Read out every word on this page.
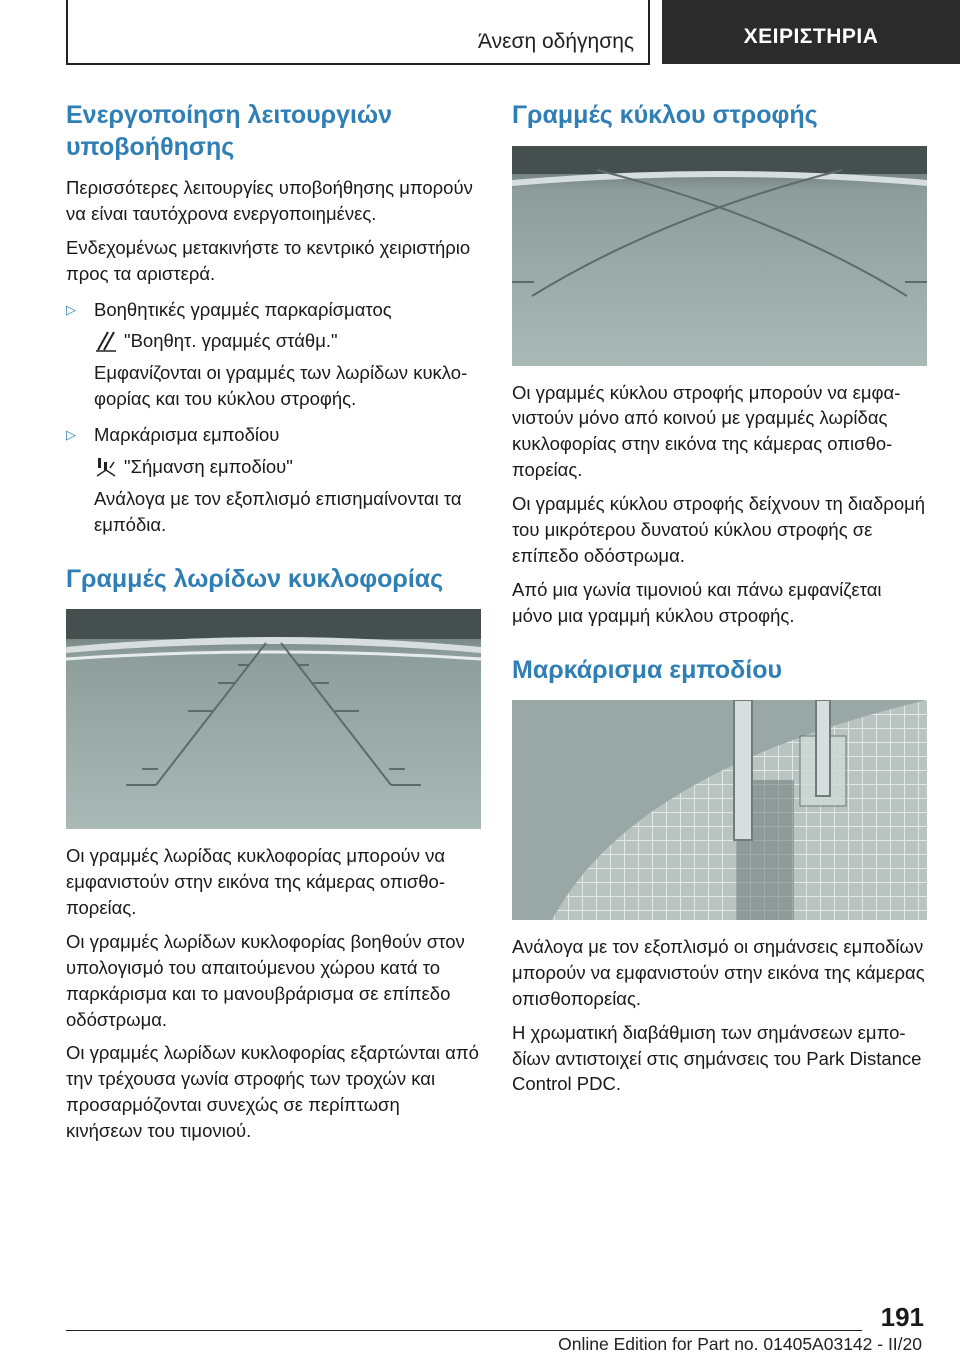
Άνεση οδήγησης	ΧΕΙΡΙΣΤΗΡΙΑ
Ενεργοποίηση λειτουργιών υποβοήθησης

Περισσότερες λειτουργίες υποβοήθησης μπορούν να είναι ταυτόχρονα ενεργοποιημένες.

Ενδεχομένως μετακινήστε το κεντρικό χειριστήριο προς τα αριστερά.

▷ Βοηθητικές γραμμές παρκαρίσματος
"Βοηθητ. γραμμές στάθμ."

Εμφανίζονται οι γραμμές των λωρίδων κυκλοφορίας και του κύκλου στροφής.

▷ Μαρκάρισμα εμποδίου
"Σήμανση εμποδίου"

Ανάλογα με τον εξοπλισμό επισημαίνονται τα εμπόδια.

Γραμμές λωρίδων κυκλοφορίας

Οι γραμμές λωρίδας κυκλοφορίας μπορούν να εμφανιστούν στην εικόνα της κάμερας οπισθοπορείας.

Οι γραμμές λωρίδων κυκλοφορίας βοηθούν στον υπολογισμό του απαιτούμενου χώρου κατά το παρκάρισμα και το μανουβράρισμα σε επίπεδο οδόστρωμα.

Οι γραμμές λωρίδων κυκλοφορίας εξαρτώνται από την τρέχουσα γωνία στροφής των τροχών και προσαρμόζονται συνεχώς σε περίπτωση κινήσεων του τιμονιού.

Γραμμές κύκλου στροφής

Οι γραμμές κύκλου στροφής μπορούν να εμφανιστούν μόνο από κοινού με γραμμές λωρίδας κυκλοφορίας στην εικόνα της κάμερας οπισθοπορείας.

Οι γραμμές κύκλου στροφής δείχνουν τη διαδρομή του μικρότερου δυνατού κύκλου στροφής σε επίπεδο οδόστρωμα.

Από μια γωνία τιμονιού και πάνω εμφανίζεται μόνο μια γραμμή κύκλου στροφής.

Μαρκάρισμα εμποδίου

Ανάλογα με τον εξοπλισμό οι σημάνσεις εμποδίων μπορούν να εμφανιστούν στην εικόνα της κάμερας οπισθοπορείας.

Η χρωματική διαβάθμιση των σημάνσεων εμποδίων αντιστοιχεί στις σημάνσεις του Park Distance Control PDC.

191
Online Edition for Part no. 01405A03142 - II/20
